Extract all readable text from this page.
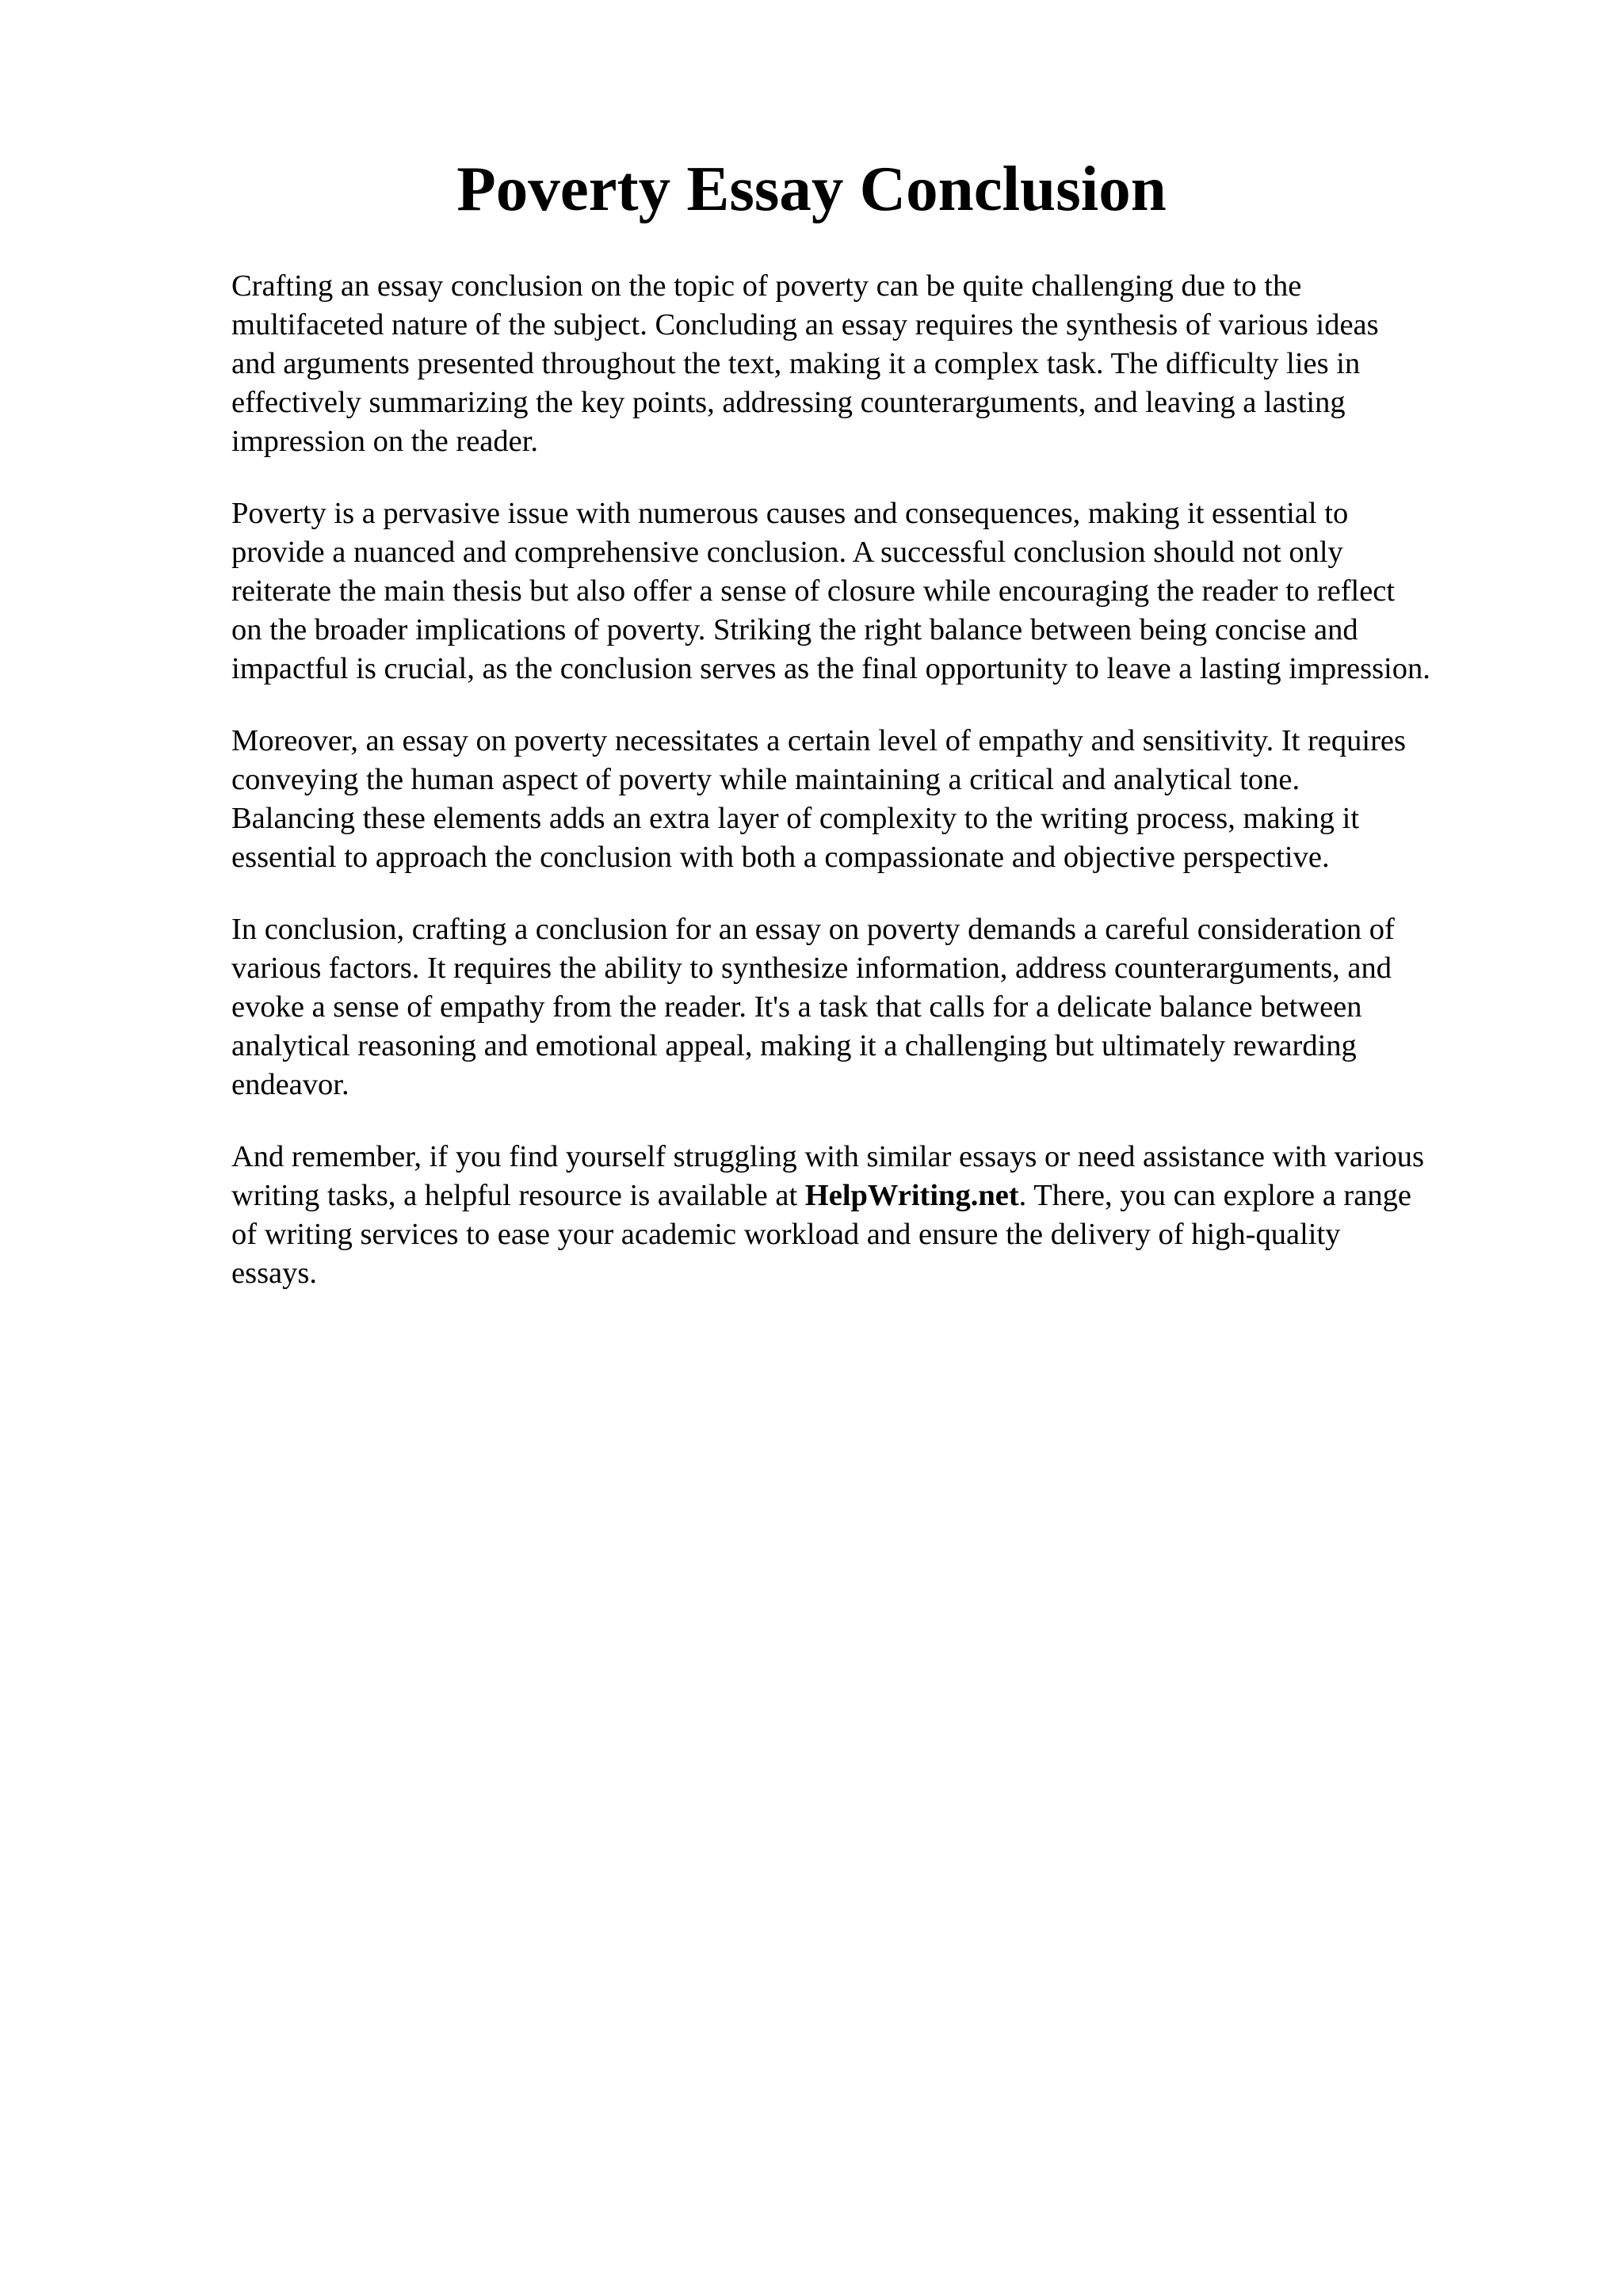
Poverty Essay Conclusion

Crafting an essay conclusion on the topic of poverty can be quite challenging due to the
multifaceted nature of the subject. Concluding an essay requires the synthesis of various ideas
and arguments presented throughout the text, making it a complex task. The difficulty lies in
effectively summarizing the key points, addressing counterarguments, and leaving a lasting
impression on the reader.

Poverty is a pervasive issue with numerous causes and consequences, making it essential to
provide a nuanced and comprehensive conclusion. A successful conclusion should not only
reiterate the main thesis but also offer a sense of closure while encouraging the reader to reflect
on the broader implications of poverty. Striking the right balance between being concise and
impactful is crucial, as the conclusion serves as the final opportunity to leave a lasting impression.

Moreover, an essay on poverty necessitates a certain level of empathy and sensitivity. It requires
conveying the human aspect of poverty while maintaining a critical and analytical tone.
Balancing these elements adds an extra layer of complexity to the writing process, making it
essential to approach the conclusion with both a compassionate and objective perspective.

In conclusion, crafting a conclusion for an essay on poverty demands a careful consideration of
various factors. It requires the ability to synthesize information, address counterarguments, and
evoke a sense of empathy from the reader. It's a task that calls for a delicate balance between
analytical reasoning and emotional appeal, making it a challenging but ultimately rewarding
endeavor.

And remember, if you find yourself struggling with similar essays or need assistance with various
writing tasks, a helpful resource is available at HelpWriting.net. There, you can explore a range
of writing services to ease your academic workload and ensure the delivery of high-quality
essays.
